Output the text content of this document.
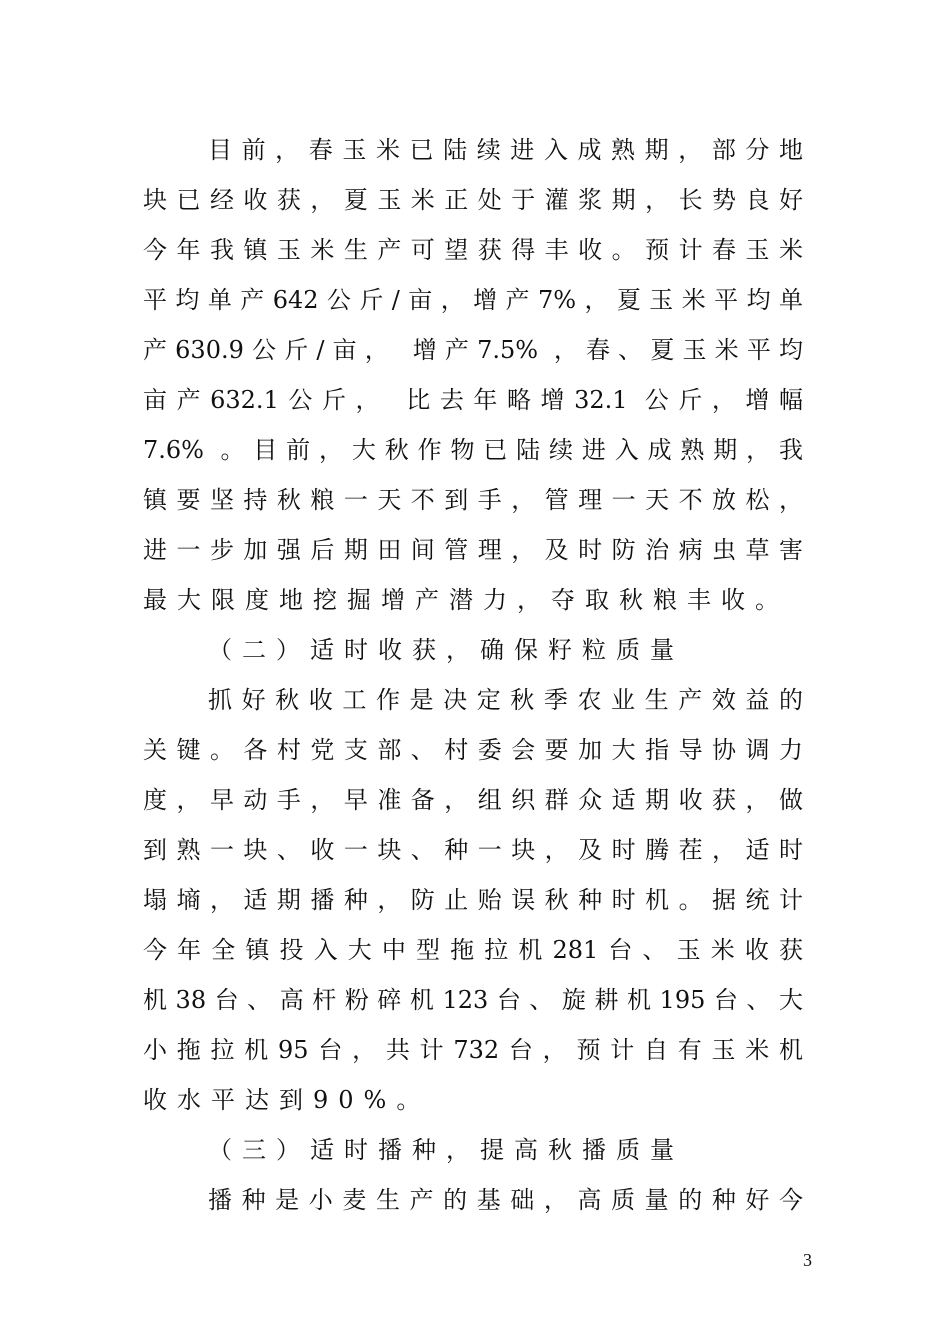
目前，春玉米已陆续进入成熟期，部分地
块已经收获，夏玉米正处于灌浆期，长势良好
今年我镇玉米生产可望获得丰收。预计春玉米
平均单产642公斤/亩，增产7%，夏玉米平均单
产630.9公斤/亩， 增产7.5% ，春、夏玉米平均
亩产632.1公斤， 比去年略增32.1 公斤，增幅
7.6% 。目前，大秋作物已陆续进入成熟期，我
镇要坚持秋粮一天不到手，管理一天不放松，
进一步加强后期田间管理，及时防治病虫草害
最大限度地挖掘增产潜力，夺取秋粮丰收。
（二）适时收获，确保籽粒质量
抓好秋收工作是决定秋季农业生产效益的
关键。各村党支部、村委会要加大指导协调力
度，早动手，早准备，组织群众适期收获，做
到熟一块、收一块、种一块，及时腾茬，适时
塌墒，适期播种，防止贻误秋种时机。据统计
今年全镇投入大中型拖拉机281台、玉米收获
机38台、高杆粉碎机123台、旋耕机195台、大
小拖拉机95台，共计732台，预计自有玉米机
收水平达到90%。
（三）适时播种，提高秋播质量
播种是小麦生产的基础，高质量的种好今
3
